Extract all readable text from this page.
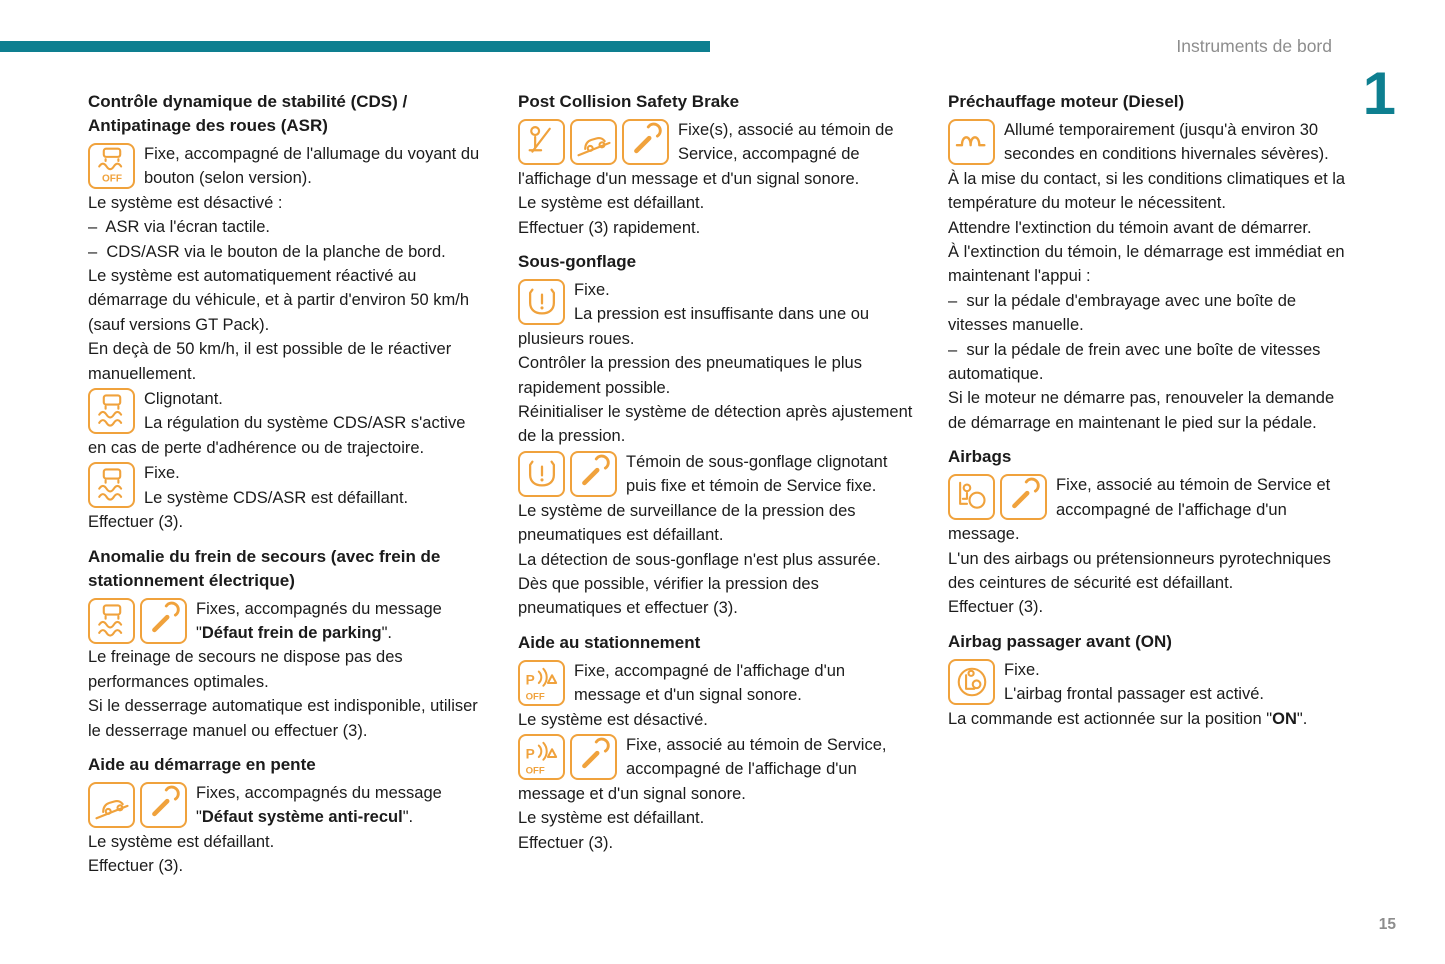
Instruments de bord
1
Contrôle dynamique de stabilité (CDS) / Antipatinage des roues (ASR)
OFF
Fixe, accompagné de l'allumage du voyant du bouton (selon version).
Le système est désactivé :
–  ASR via l'écran tactile.
–  CDS/ASR via le bouton de la planche de bord.
Le système est automatiquement réactivé au démarrage du véhicule, et à partir d'environ 50 km/h (sauf versions GT Pack).
En deçà de 50 km/h, il est possible de le réactiver manuellement.
Clignotant.
La régulation du système CDS/ASR s'active en cas de perte d'adhérence ou de trajectoire.
Fixe.
Le système CDS/ASR est défaillant.
Effectuer (3).
Anomalie du frein de secours (avec frein de stationnement électrique)
Fixes, accompagnés du message "Défaut frein de parking".
Le freinage de secours ne dispose pas des performances optimales.
Si le desserrage automatique est indisponible, utiliser le desserrage manuel ou effectuer (3).
Aide au démarrage en pente
Fixes, accompagnés du message "Défaut système anti-recul".
Le système est défaillant.
Effectuer (3).
Post Collision Safety Brake
Fixe(s), associé au témoin de Service, accompagné de l'affichage d'un message et d'un signal sonore.
Le système est défaillant.
Effectuer (3) rapidement.
Sous-gonflage
Fixe.
La pression est insuffisante dans une ou plusieurs roues.
Contrôler la pression des pneumatiques le plus rapidement possible.
Réinitialiser le système de détection après ajustement de la pression.
Témoin de sous-gonflage clignotant puis fixe et témoin de Service fixe.
Le système de surveillance de la pression des pneumatiques est défaillant.
La détection de sous-gonflage n'est plus assurée.
Dès que possible, vérifier la pression des pneumatiques et effectuer (3).
Aide au stationnement
P
OFF
Fixe, accompagné de l'affichage d'un message et d'un signal sonore.
Le système est désactivé.
P
OFF
Fixe, associé au témoin de Service, accompagné de l'affichage d'un message et d'un signal sonore.
Le système est défaillant.
Effectuer (3).
Préchauffage moteur (Diesel)
Allumé temporairement (jusqu'à environ 30 secondes en conditions hivernales sévères).
À la mise du contact, si les conditions climatiques et la température du moteur le nécessitent.
Attendre l'extinction du témoin avant de démarrer.
À l'extinction du témoin, le démarrage est immédiat en maintenant l'appui :
–  sur la pédale d'embrayage avec une boîte de vitesses manuelle.
–  sur la pédale de frein avec une boîte de vitesses automatique.
Si le moteur ne démarre pas, renouveler la demande de démarrage en maintenant le pied sur la pédale.
Airbags
Fixe, associé au témoin de Service et accompagné de l'affichage d'un message.
L'un des airbags ou prétensionneurs pyrotechniques des ceintures de sécurité est défaillant.
Effectuer (3).
Airbag passager avant (ON)
Fixe.
L'airbag frontal passager est activé.
La commande est actionnée sur la position "ON".
15
